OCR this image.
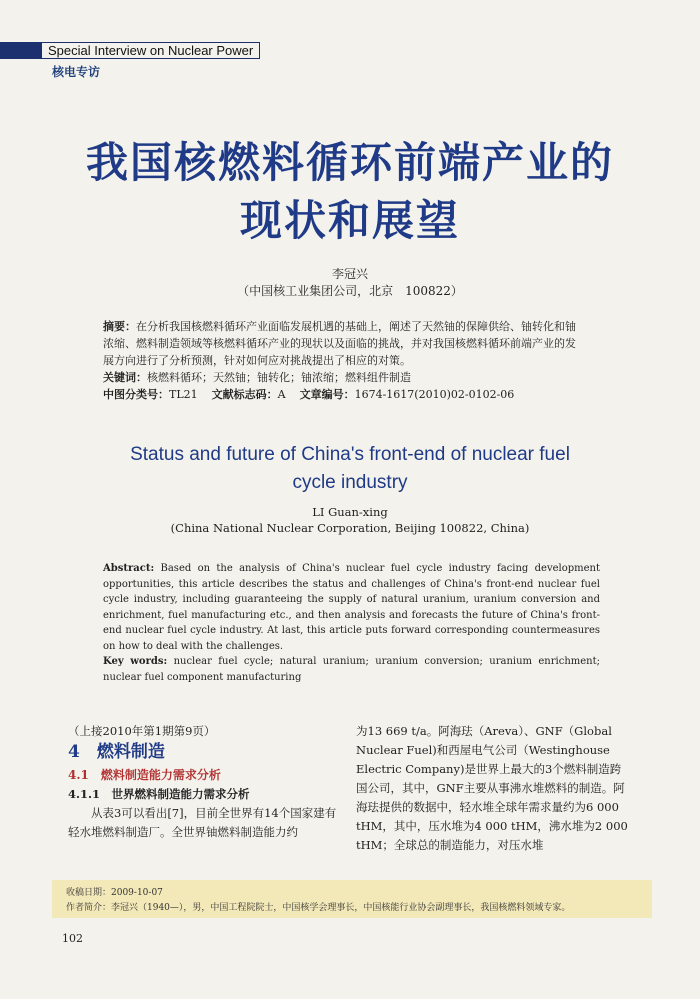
Special Interview on Nuclear Power
核电专访
我国核燃料循环前端产业的
现状和展望
李冠兴
（中国核工业集团公司，北京　100822）
摘要：在分析我国核燃料循环产业面临发展机遇的基础上，阐述了天然铀的保障供给、铀转化和铀
浓缩、燃料制造领域等核燃料循环产业的现状以及面临的挑战，并对我国核燃料循环前端产业的发
展方向进行了分析预测，针对如何应对挑战提出了相应的对策。
关键词：核燃料循环；天然铀；铀转化；铀浓缩；燃料组件制造
中图分类号：TL21 文献标志码：A 文章编号：1674-1617(2010)02-0102-06
Status and future of China's front-end of nuclear fuel
cycle industry
LI Guan-xing
(China National Nuclear Corporation, Beijing 100822, China)
Abstract: Based on the analysis of China's nuclear fuel cycle industry facing development opportunities, this article describes the status and challenges of China's front-end nuclear fuel cycle industry, including guaranteeing the supply of natural uranium, uranium conversion and enrichment, fuel manufacturing etc., and then analysis and forecasts the future of China's front-end nuclear fuel cycle industry. At last, this article puts forward corresponding countermeasures on how to deal with the challenges.
Key words: nuclear fuel cycle; natural uranium; uranium conversion; uranium enrichment; nuclear fuel component manufacturing
（上接2010年第1期第9页）
4　燃料制造
4.1　燃料制造能力需求分析
4.1.1　世界燃料制造能力需求分析

从表3可以看出[7]，目前全世界有14个国家建有轻水堆燃料制造厂。全世界铀燃料制造能力约

为13 669 t/a。阿海珐（Areva）、GNF（Global Nuclear Fuel)和西屋电气公司（Westinghouse Electric Company)是世界上最大的3个燃料制造跨国公司，其中，GNF主要从事沸水堆燃料的制造。阿海珐提供的数据中，轻水堆全球年需求量约为6 000 tHM，其中，压水堆为4 000 tHM，沸水堆为2 000 tHM；全球总的制造能力，对压水堆

收稿日期：2009-10-07
作者简介：李冠兴（1940—），男，中国工程院院士，中国核学会理事长，中国核能行业协会副理事长，我国核燃料领域专家。
102
